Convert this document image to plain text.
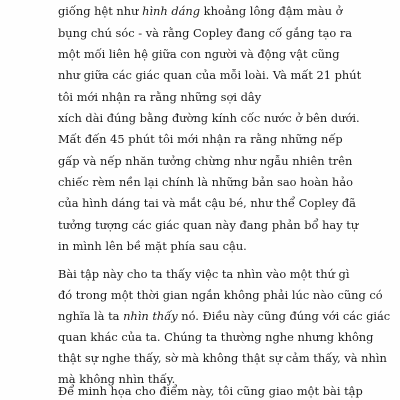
giống hệt như hình dáng khoảng lông đậm màu ở
bụng chú sóc - và rằng Copley đang cố gắng tạo ra
một mối liên hệ giữa con người và động vật cũng
như giữa các giác quan của mỗi loài. Và mất 21 phút
tôi mới nhận ra rằng những sợi dây
xích dài đúng bằng đường kính cốc nước ở bên dưới.
Mất đến 45 phút tôi mới nhận ra rằng những nếp
gấp và nếp nhăn tưởng chừng như ngẫu nhiên trên
chiếc rèm nền lại chính là những bản sao hoàn hảo
của hình dáng tai và mắt cậu bé, như thể Copley đã
tưởng tượng các giác quan này đang phản bổ hay tự
in mình lên bề mặt phía sau cậu.
Bài tập này cho ta thấy việc ta nhìn vào một thứ gì
đó trong một thời gian ngắn không phải lúc nào cũng có
nghĩa là ta nhìn thấy nó. Điều này cũng đúng với các giác
quan khác của ta. Chúng ta thường nghe nhưng không
thật sự nghe thấy, sờ mà không thật sự cảm thấy, và nhìn
mà không nhìn thấy.
Để minh họa cho điểm này, tôi cũng giao một bài tập
